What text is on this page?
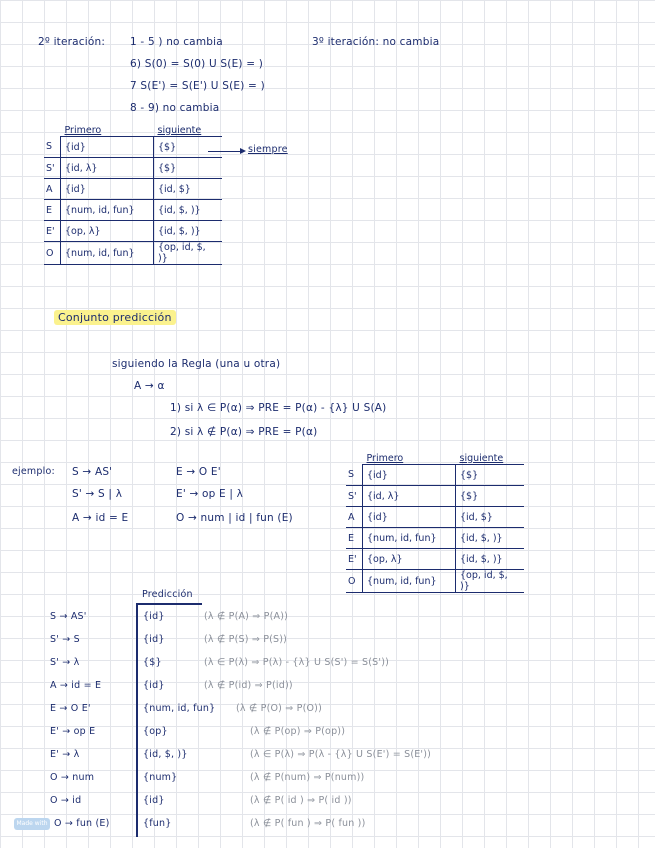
2º iteración: 1 - 5 ) no cambia
6) S(0) = S(0) U S(E) = )
7 S(E') = S(E') U S(E) = )
8 - 9) no cambia
3º iteración: no cambia
	Primero	siguiente
S	{id}	{$}
S'	{id, λ}	{$}
A	{id}	{id, $}
E	{num, id, fun}	{id, $, )}
E'	{op, λ}	{id, $, )}
O	{num, id, fun}	{op, id, $, )}
siempre
Conjunto predicción
siguiendo la Regla (una u otra)
A → α
1) si λ ∈ P(α) ⇒ PRE = P(α) - {λ} U S(A)
2) si λ ∉ P(α) ⇒ PRE = P(α)
ejemplo: S → AS'
S' → S | λ
A → id = E
E → O E'
E' → op E | λ
O → num | id | fun (E)
	Primero	siguiente
S	{id}	{$}
S'	{id, λ}	{$}
A	{id}	{id, $}
E	{num, id, fun}	{id, $, )}
E'	{op, λ}	{id, $, )}
O	{num, id, fun}	{op, id, $, )}
Predicción
S → AS'	{id}	(λ ∉ P(A) ⇒ P(A))
S' → S	{id}	(λ ∉ P(S) ⇒ P(S))
S' → λ	{$}	(λ ∈ P(λ) ⇒ P(λ) - {λ} U S(S') = S(S'))
A → id = E	{id}	(λ ∉ P(id) ⇒ P(id))
E → O E'	{num, id, fun} (λ ∉ P(O) ⇒ P(O))
E' → op E	{op}	(λ ∉ P(op) ⇒ P(op))
E' → λ	{id, $, )}	(λ ∈ P(λ) ⇒ P(λ - {λ} U S(E') = S(E'))
O → num	{num}	(λ ∉ P(num) ⇒ P(num))
O → id	{id}	(λ ∉ P( id ) ⇒ P( id ))
O → fun (E)	{fun}	(λ ∉ P( fun ) ⇒ P( fun ))
Made with
